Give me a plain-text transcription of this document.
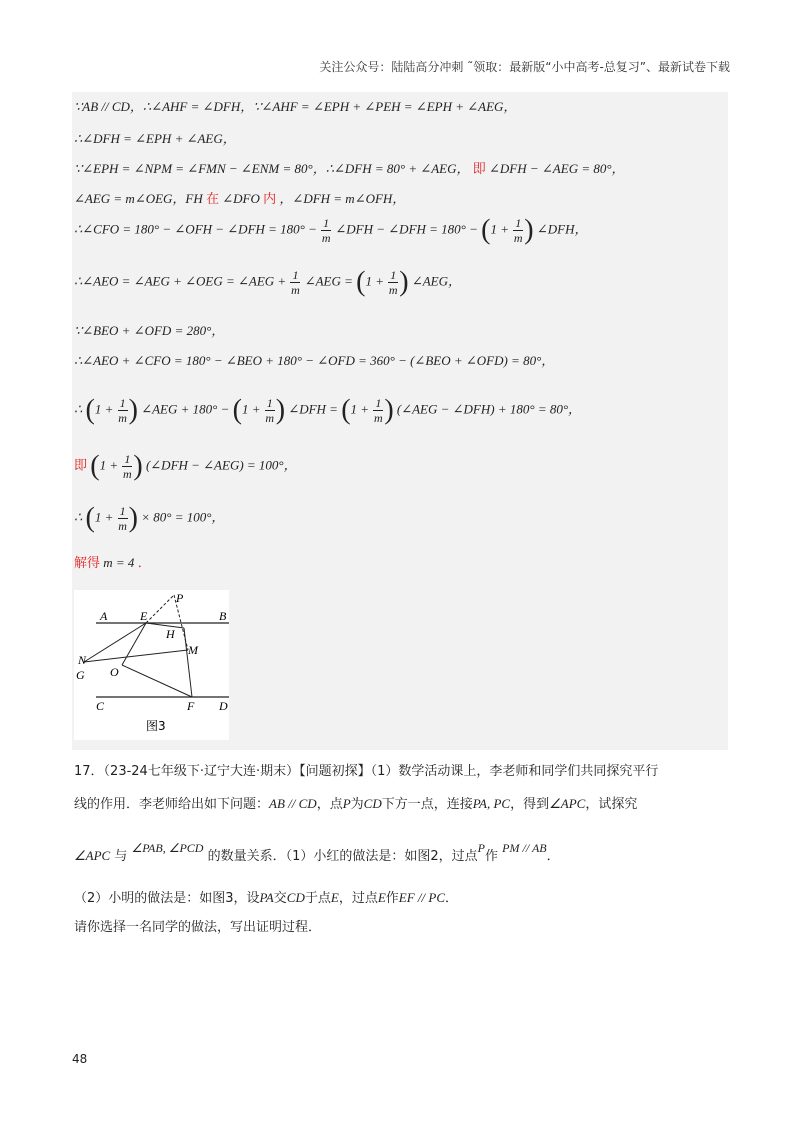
关注公众号：陆陆高分冲刺 ˜领取：最新版“小中高考-总复习”、最新试卷下载
∵AB // CD，∴∠AHF = ∠DFH，∵∠AHF = ∠EPH + ∠PEH = ∠EPH + ∠AEG，
∴∠DFH = ∠EPH + ∠AEG，
∵∠EPH = ∠NPM = ∠FMN − ∠ENM = 80°，∴∠DFH = 80° + ∠AEG， 即 ∠DFH − ∠AEG = 80°，
∠AEG = m∠OEG，FH 在 ∠DFO 内 ，∠DFH = m∠OFH，
∴∠CFO = 180° − ∠OFH − ∠DFH = $180^\circ - \frac{1}{m}$ ∠DFH − ∠DFH = $180^\circ - (1 + \frac{1}{m}$ ) ∠DFH，
∴∠AEO = ∠AEG + ∠OEG = ∠AEG + $\frac{1}{m}$ ∠AEG = ($1 + \frac{1}{m}$ ) ∠AEG，
∵∠BEO + ∠OFD = 280°，
∴∠AEO + ∠CFO = 180° − ∠BEO + 180° − ∠OFD = 360° − (∠BEO + ∠OFD) = 80°，
∴ ($1 + \frac{1}{m}$ ) ∠AEG + $180^\circ - (1 + \frac{1}{m}$ ) ∠DFH = ($1 + \frac{1}{m}$ ) (∠AEG − ∠DFH) + 180° = 80°，
即 ($1 + \frac{1}{m}$ ) (∠DFH − ∠AEG) = 100°，
∴ ($1 + \frac{1}{m}$ ) × 80° = 100°，
解得 m = 4 ．
A	B
C	D
E
F
G
H
M
N
O
P
图3
17．（23-24七年级下·辽宁大连·期末）【问题初探】（1）数学活动课上，李老师和同学们共同探究平行
线的作用．李老师给出如下问题：AB // CD，点P为CD下方一点，连接PA, PC，得到∠APC，试探究
∠APC 与 ∠PAB, ∠PCD 的数量关系．（1）小红的做法是：如图2，过点P作 PM // AB．
（2）小明的做法是：如图3，设PA交CD于点E，过点E作EF // PC．
请你选择一名同学的做法，写出证明过程．
48
